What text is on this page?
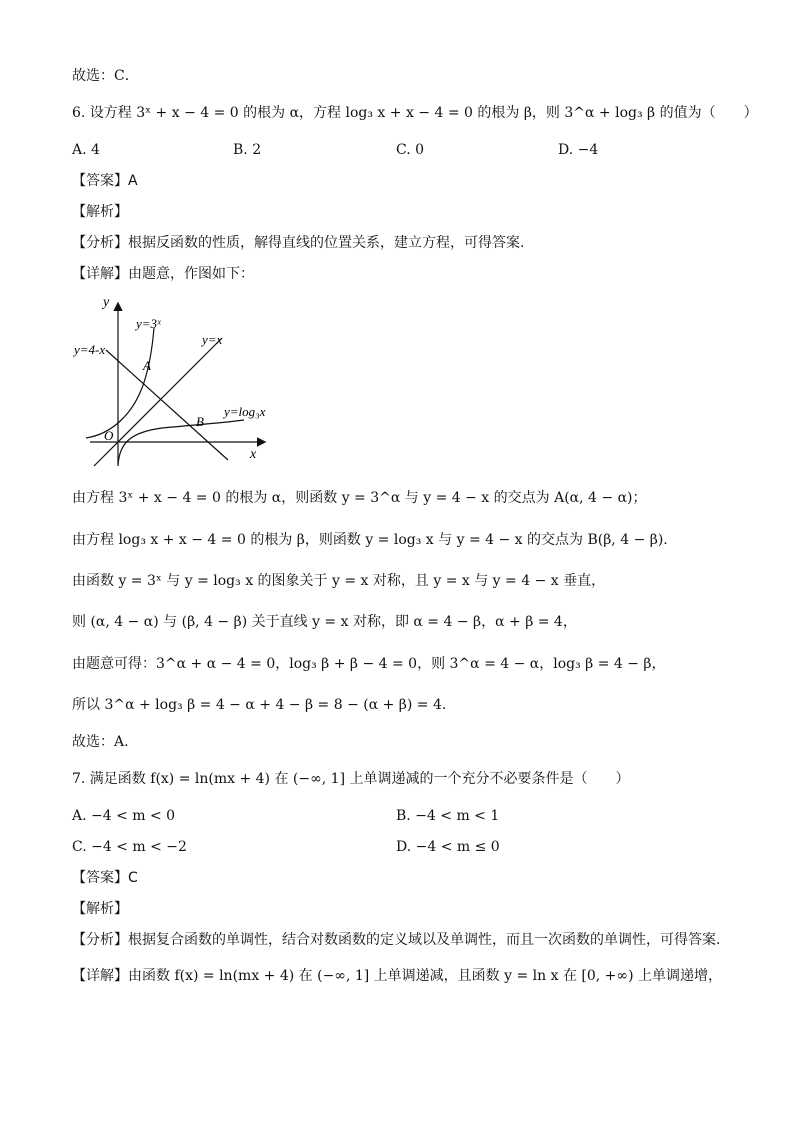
故选：C．
6. 设方程 3ˣ + x − 4 = 0 的根为 α，方程 log₃ x + x − 4 = 0 的根为 β，则 3^α + log₃ β 的值为（　　）
A. 4	B. 2	C. 0	D. −4
【答案】A
【解析】
【分析】根据反函数的性质，解得直线的位置关系，建立方程，可得答案.
【详解】由题意，作图如下：
y
x
O
A
B
y=3ˣ
y=x
y=4-x
y=log₃x
由方程 3ˣ + x − 4 = 0 的根为 α，则函数 y = 3^α 与 y = 4 − x 的交点为 A(α, 4 − α)；
由方程 log₃ x + x − 4 = 0 的根为 β，则函数 y = log₃ x 与 y = 4 − x 的交点为 B(β, 4 − β).
由函数 y = 3ˣ 与 y = log₃ x 的图象关于 y = x 对称，且 y = x 与 y = 4 − x 垂直，
则 (α, 4 − α) 与 (β, 4 − β) 关于直线 y = x 对称，即 α = 4 − β，α + β = 4，
由题意可得：3^α + α − 4 = 0，log₃ β + β − 4 = 0，则 3^α = 4 − α，log₃ β = 4 − β，
所以 3^α + log₃ β = 4 − α + 4 − β = 8 − (α + β) = 4.
故选：A.
7. 满足函数 f(x) = ln(mx + 4) 在 (−∞, 1] 上单调递减的一个充分不必要条件是（　　）
A. −4 < m < 0	B. −4 < m < 1
C. −4 < m < −2	D. −4 < m ≤ 0
【答案】C
【解析】
【分析】根据复合函数的单调性，结合对数函数的定义域以及单调性，而且一次函数的单调性，可得答案.
【详解】由函数 f(x) = ln(mx + 4) 在 (−∞, 1] 上单调递减，且函数 y = ln x 在 [0, +∞) 上单调递增，
